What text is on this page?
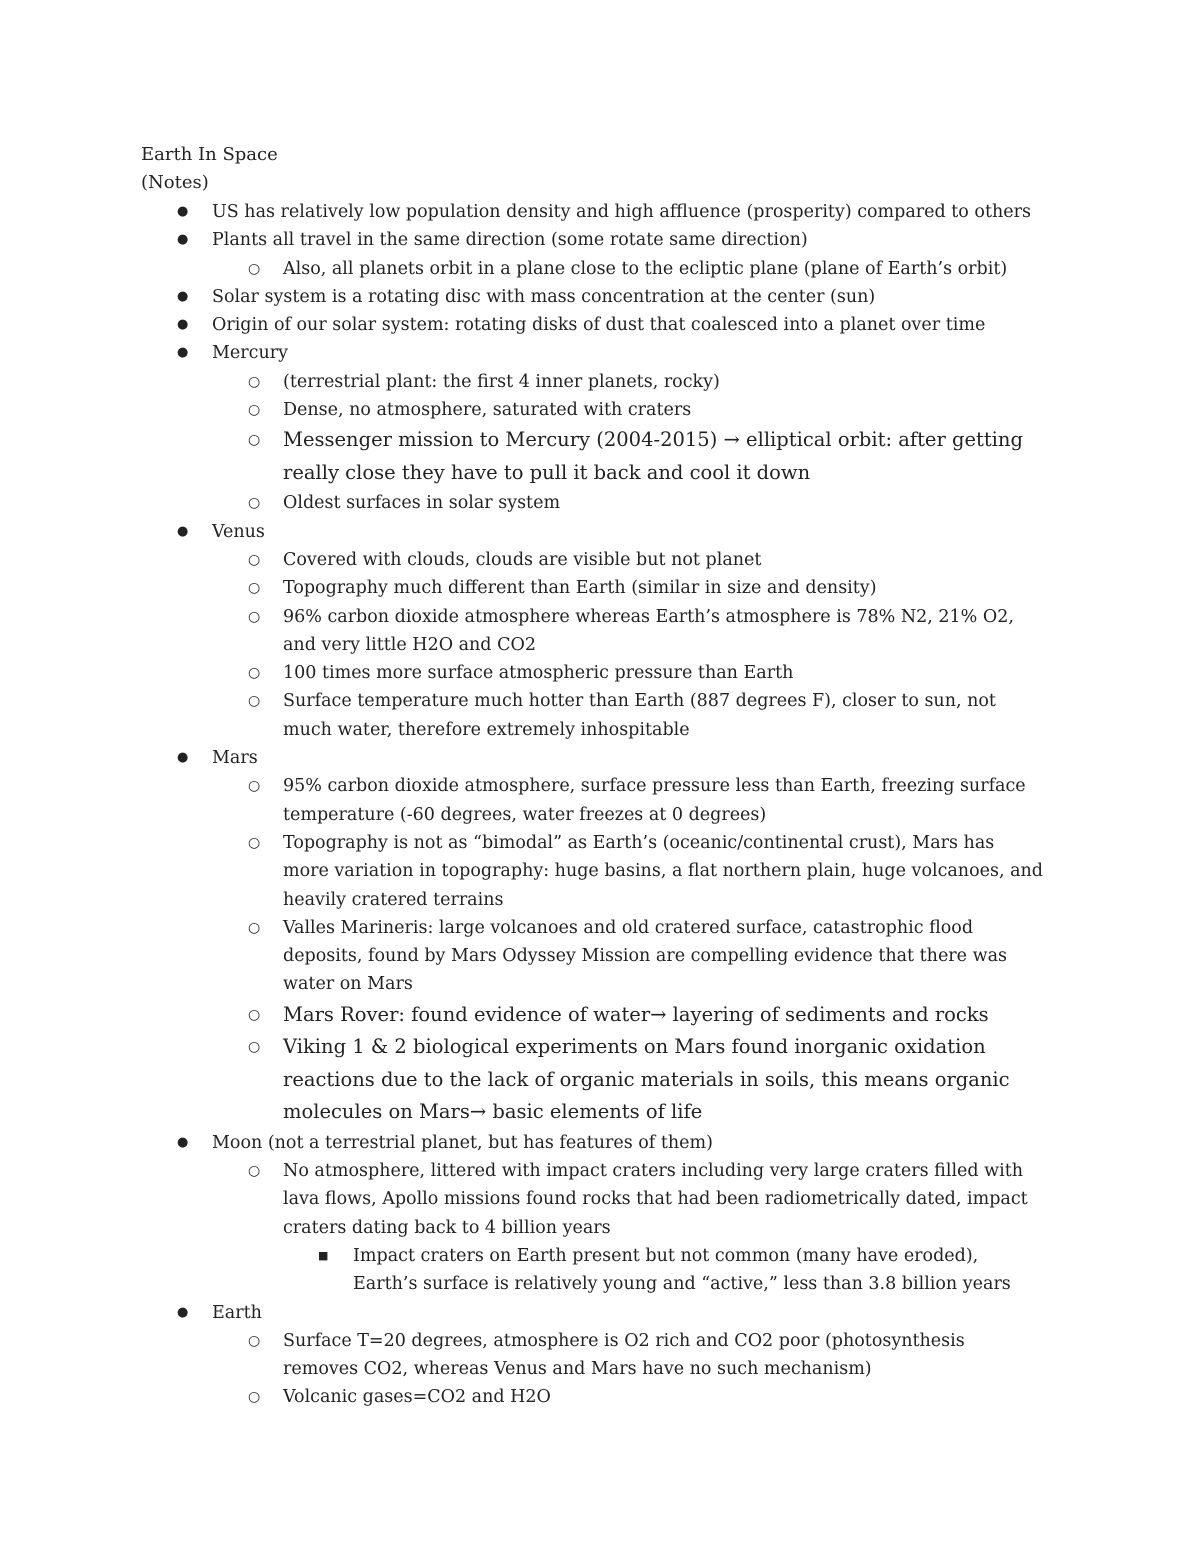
Earth In Space
(Notes)
● US has relatively low population density and high affluence (prosperity) compared to others
● Plants all travel in the same direction (some rotate same direction)
○ Also, all planets orbit in a plane close to the ecliptic plane (plane of Earth’s orbit)
● Solar system is a rotating disc with mass concentration at the center (sun)
● Origin of our solar system: rotating disks of dust that coalesced into a planet over time
● Mercury
○ (terrestrial plant: the first 4 inner planets, rocky)
○ Dense, no atmosphere, saturated with craters
○ Messenger mission to Mercury (2004-2015) → elliptical orbit: after getting really close they have to pull it back and cool it down
○ Oldest surfaces in solar system
● Venus
○ Covered with clouds, clouds are visible but not planet
○ Topography much different than Earth (similar in size and density)
○ 96% carbon dioxide atmosphere whereas Earth’s atmosphere is 78% N2, 21% O2, and very little H2O and CO2
○ 100 times more surface atmospheric pressure than Earth
○ Surface temperature much hotter than Earth (887 degrees F), closer to sun, not much water, therefore extremely inhospitable
● Mars
○ 95% carbon dioxide atmosphere, surface pressure less than Earth, freezing surface temperature (-60 degrees, water freezes at 0 degrees)
○ Topography is not as “bimodal” as Earth’s (oceanic/continental crust), Mars has more variation in topography: huge basins, a flat northern plain, huge volcanoes, and heavily cratered terrains
○ Valles Marineris: large volcanoes and old cratered surface, catastrophic flood deposits, found by Mars Odyssey Mission are compelling evidence that there was water on Mars
○ Mars Rover: found evidence of water→ layering of sediments and rocks
○ Viking 1 & 2 biological experiments on Mars found inorganic oxidation reactions due to the lack of organic materials in soils, this means organic molecules on Mars→ basic elements of life
● Moon (not a terrestrial planet, but has features of them)
○ No atmosphere, littered with impact craters including very large craters filled with lava flows, Apollo missions found rocks that had been radiometrically dated, impact craters dating back to 4 billion years
■ Impact craters on Earth present but not common (many have eroded), Earth’s surface is relatively young and “active,” less than 3.8 billion years
● Earth
○ Surface T=20 degrees, atmosphere is O2 rich and CO2 poor (photosynthesis removes CO2, whereas Venus and Mars have no such mechanism)
○ Volcanic gases=CO2 and H2O
